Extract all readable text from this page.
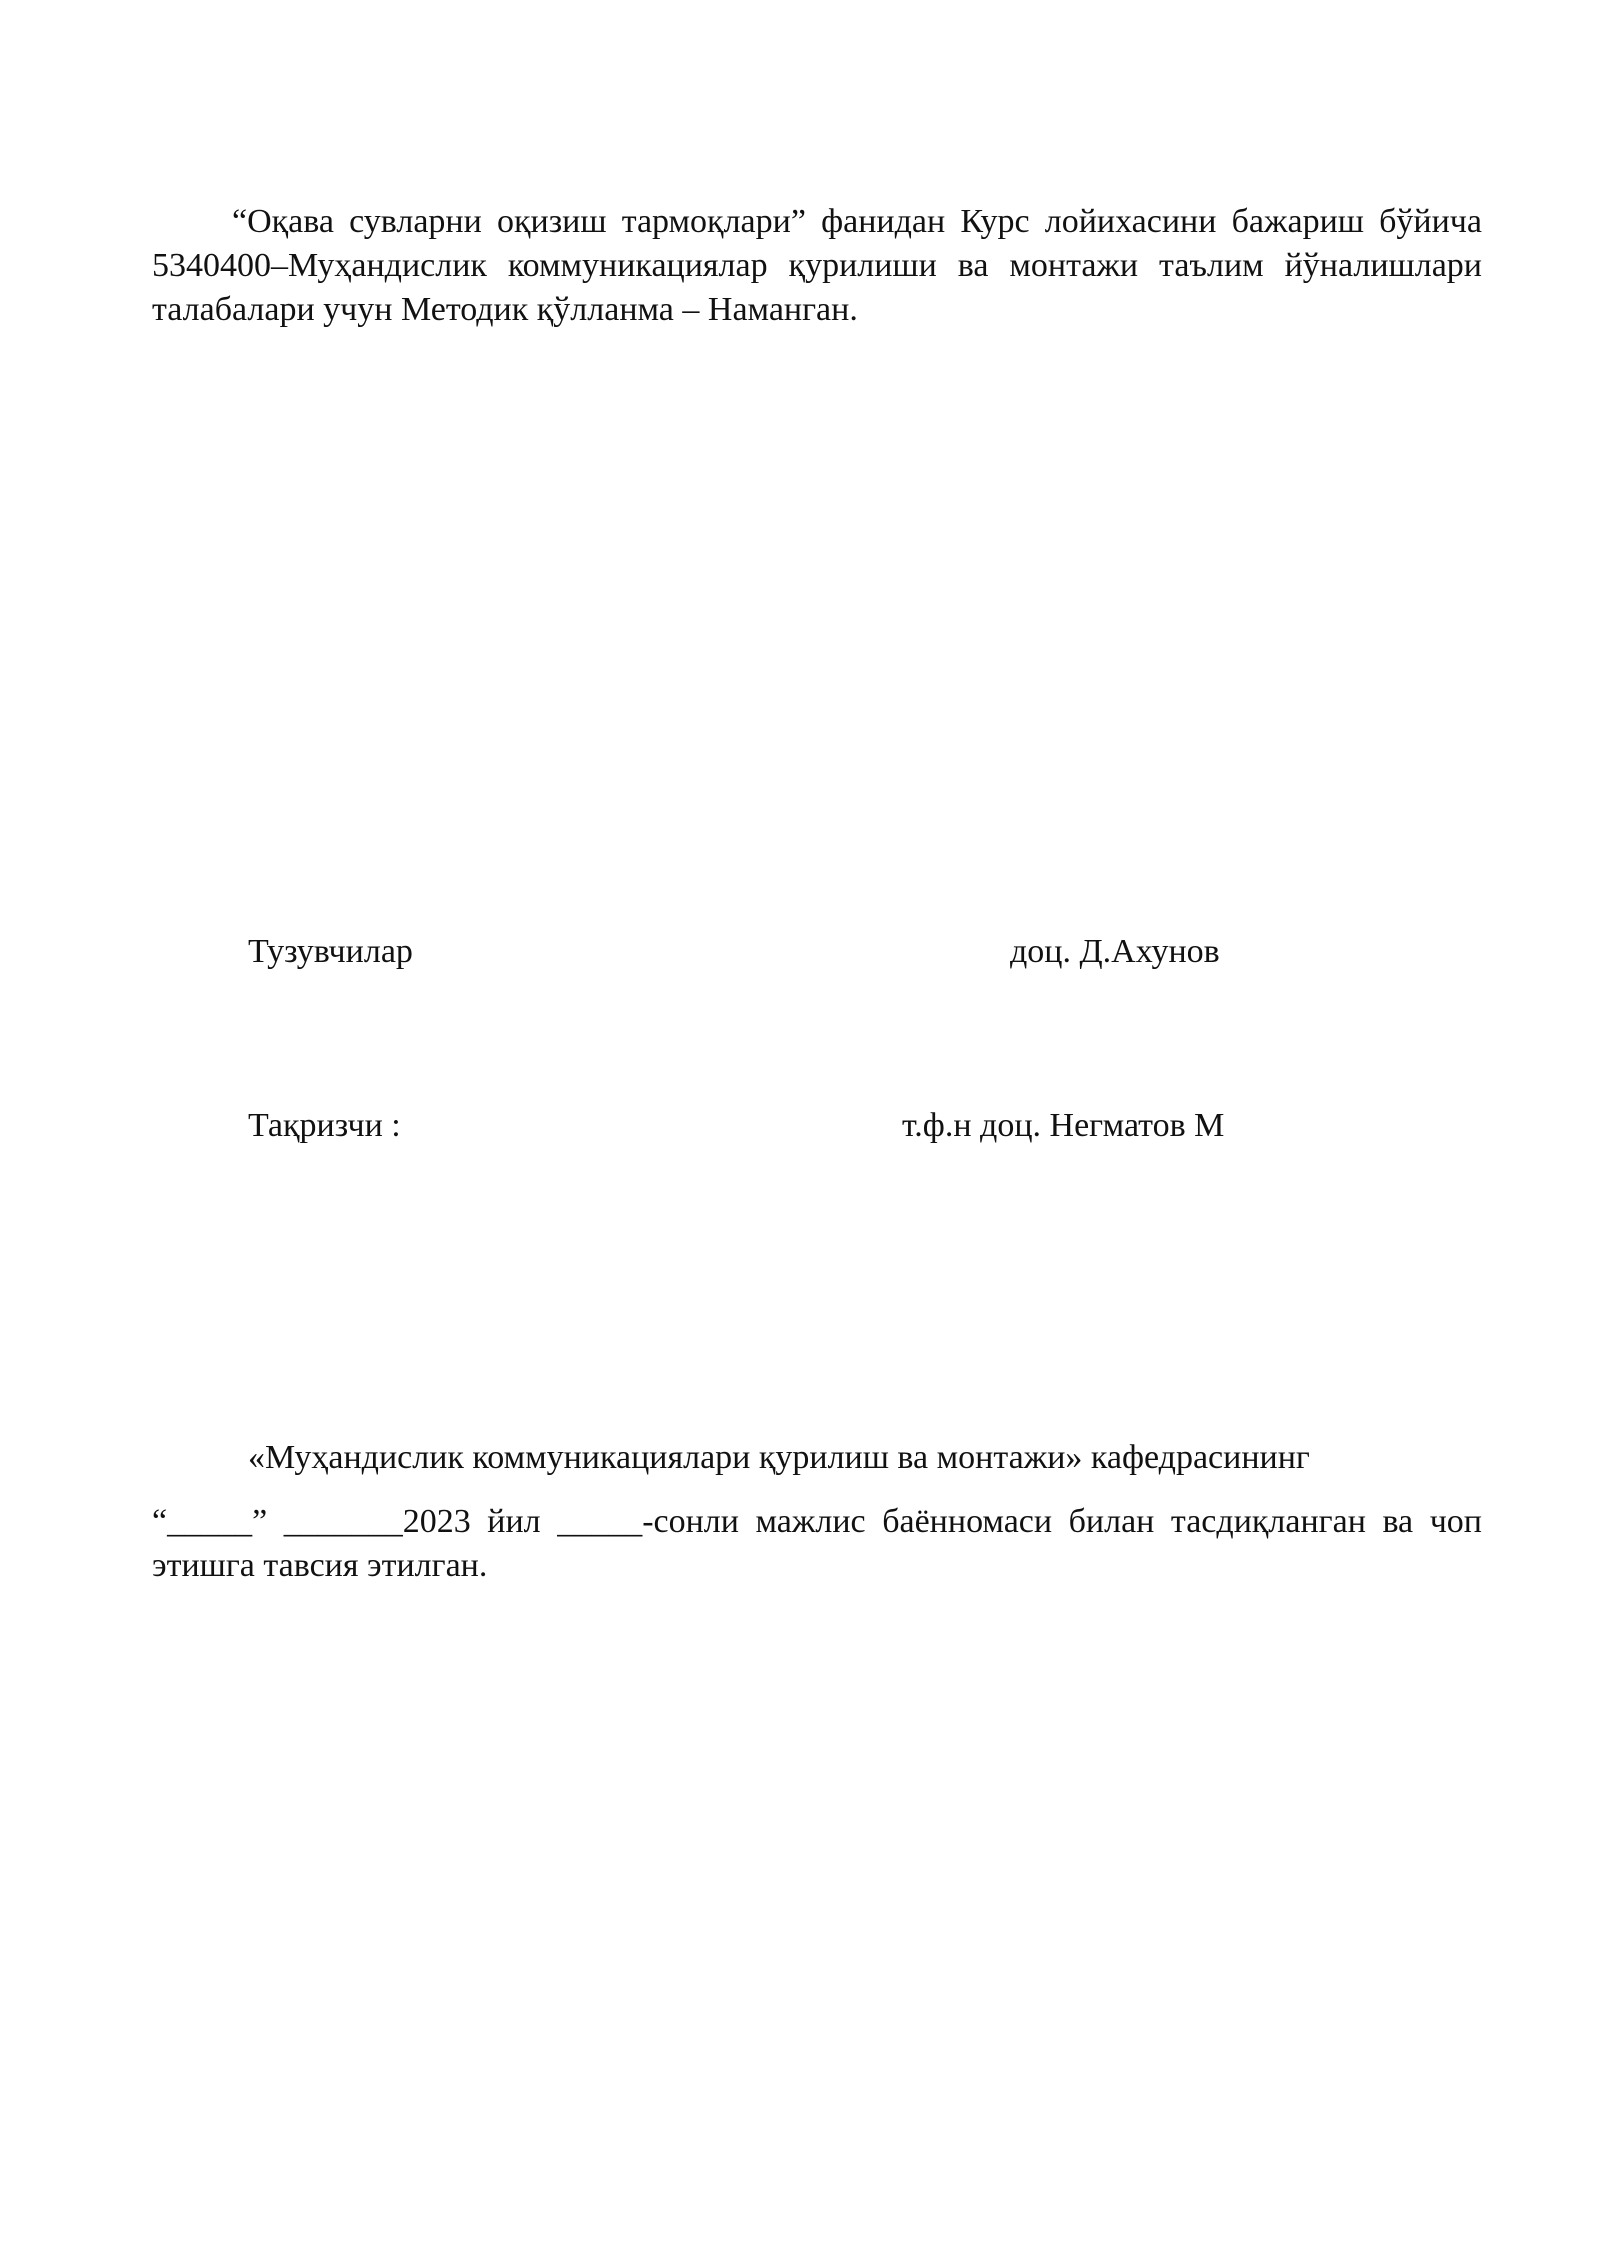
“Оқава сувларни оқизиш тармоқлари” фанидан Курс лойихасини бажариш бўйича 5340400–Муҳандислик коммуникациялар қурилиши ва монтажи таълим йўналишлари талабалари учун Методик қўлланма – Наманган.

Тузувчилар	доц. Д.Ахунов
Тақризчи :	т.ф.н доц. Негматов М
«Муҳандислик коммуникациялари қурилиш ва монтажи» кафедрасининг

“_____” _______2023 йил _____-сонли мажлис баённомаси билан тасдиқланган ва чоп этишга тавсия этилган.
